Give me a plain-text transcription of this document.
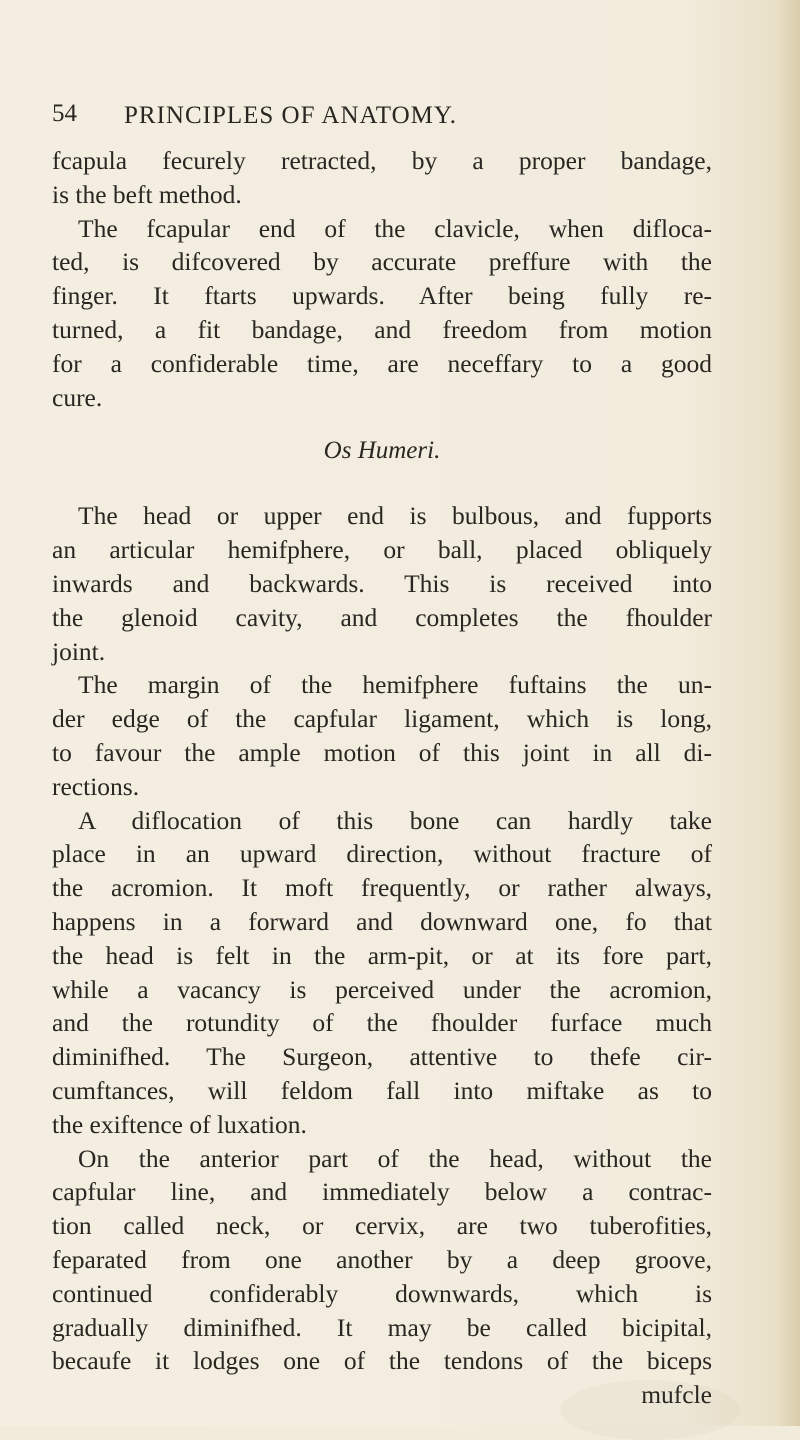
54 PRINCIPLES OF ANATOMY.
fcapula fecurely retracted, by a proper bandage,
is the beft method.
The fcapular end of the clavicle, when difloca-
ted, is difcovered by accurate preffure with the
finger. It ftarts upwards. After being fully re-
turned, a fit bandage, and freedom from motion
for a confiderable time, are neceffary to a good
cure.
Os Humeri.
The head or upper end is bulbous, and fupports
an articular hemifphere, or ball, placed obliquely
inwards and backwards. This is received into
the glenoid cavity, and completes the fhoulder
joint.
The margin of the hemifphere fuftains the un-
der edge of the capfular ligament, which is long,
to favour the ample motion of this joint in all di-
rections.
A diflocation of this bone can hardly take
place in an upward direction, without fracture of
the acromion. It moft frequently, or rather always,
happens in a forward and downward one, fo that
the head is felt in the arm-pit, or at its fore part,
while a vacancy is perceived under the acromion,
and the rotundity of the fhoulder furface much
diminifhed. The Surgeon, attentive to thefe cir-
cumftances, will feldom fall into miftake as to
the exiftence of luxation.
On the anterior part of the head, without the
capfular line, and immediately below a contrac-
tion called neck, or cervix, are two tuberofities,
feparated from one another by a deep groove,
continued confiderably downwards, which is
gradually diminifhed. It may be called bicipital,
becaufe it lodges one of the tendons of the biceps
mufcle
